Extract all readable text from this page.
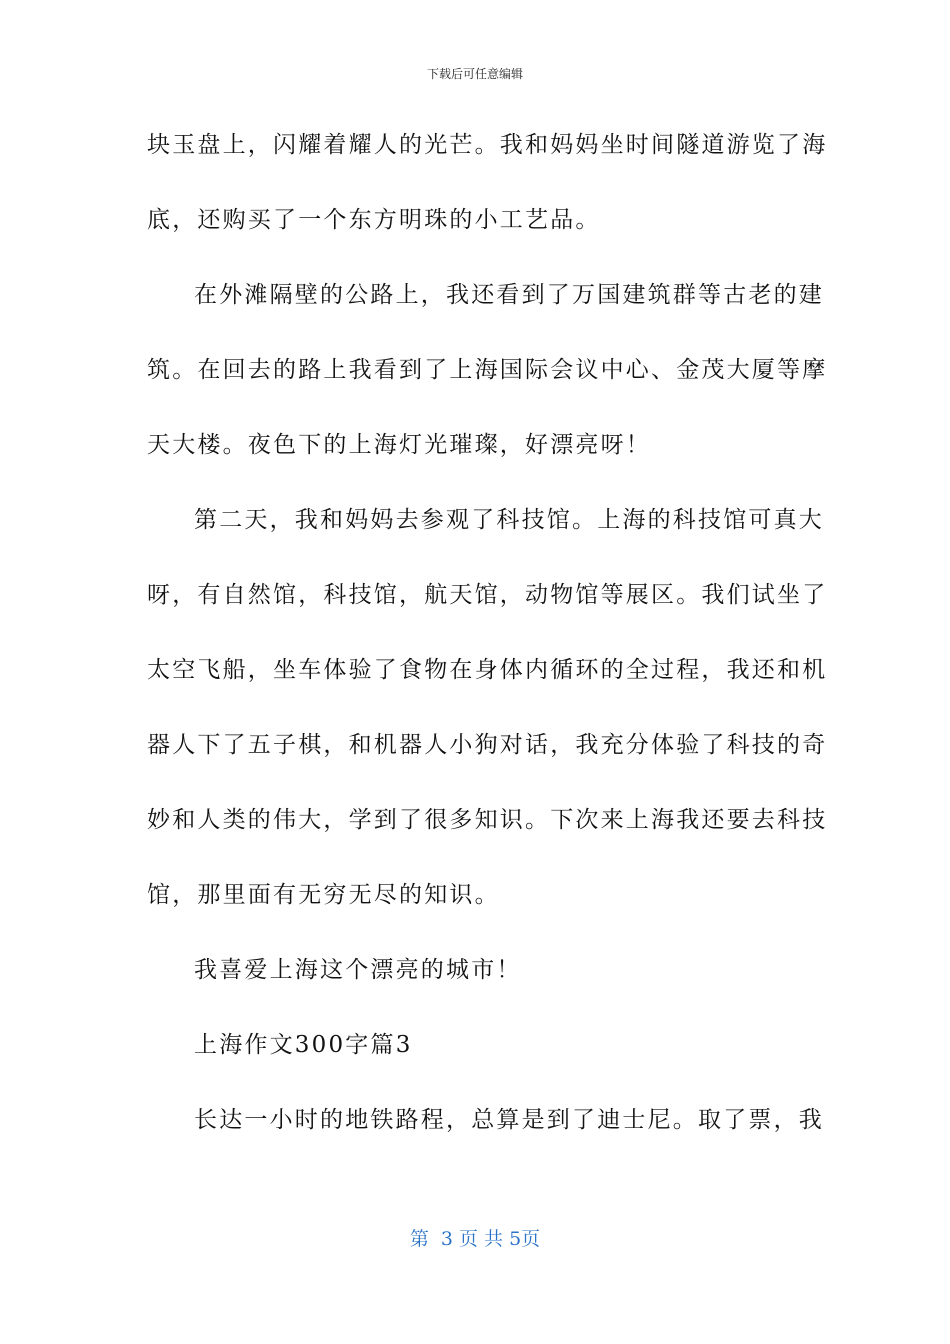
下载后可任意编辑
块玉盘上，闪耀着耀人的光芒。我和妈妈坐时间隧道游览了海
底，还购买了一个东方明珠的小工艺品。
在外滩隔壁的公路上，我还看到了万国建筑群等古老的建
筑。在回去的路上我看到了上海国际会议中心、金茂大厦等摩
天大楼。夜色下的上海灯光璀璨，好漂亮呀！
第二天，我和妈妈去参观了科技馆。上海的科技馆可真大
呀，有自然馆，科技馆，航天馆，动物馆等展区。我们试坐了
太空飞船，坐车体验了食物在身体内循环的全过程，我还和机
器人下了五子棋，和机器人小狗对话，我充分体验了科技的奇
妙和人类的伟大，学到了很多知识。下次来上海我还要去科技
馆，那里面有无穷无尽的知识。
我喜爱上海这个漂亮的城市！
上海作文300字篇3
长达一小时的地铁路程，总算是到了迪士尼。取了票，我
第  3 页 共 5页
